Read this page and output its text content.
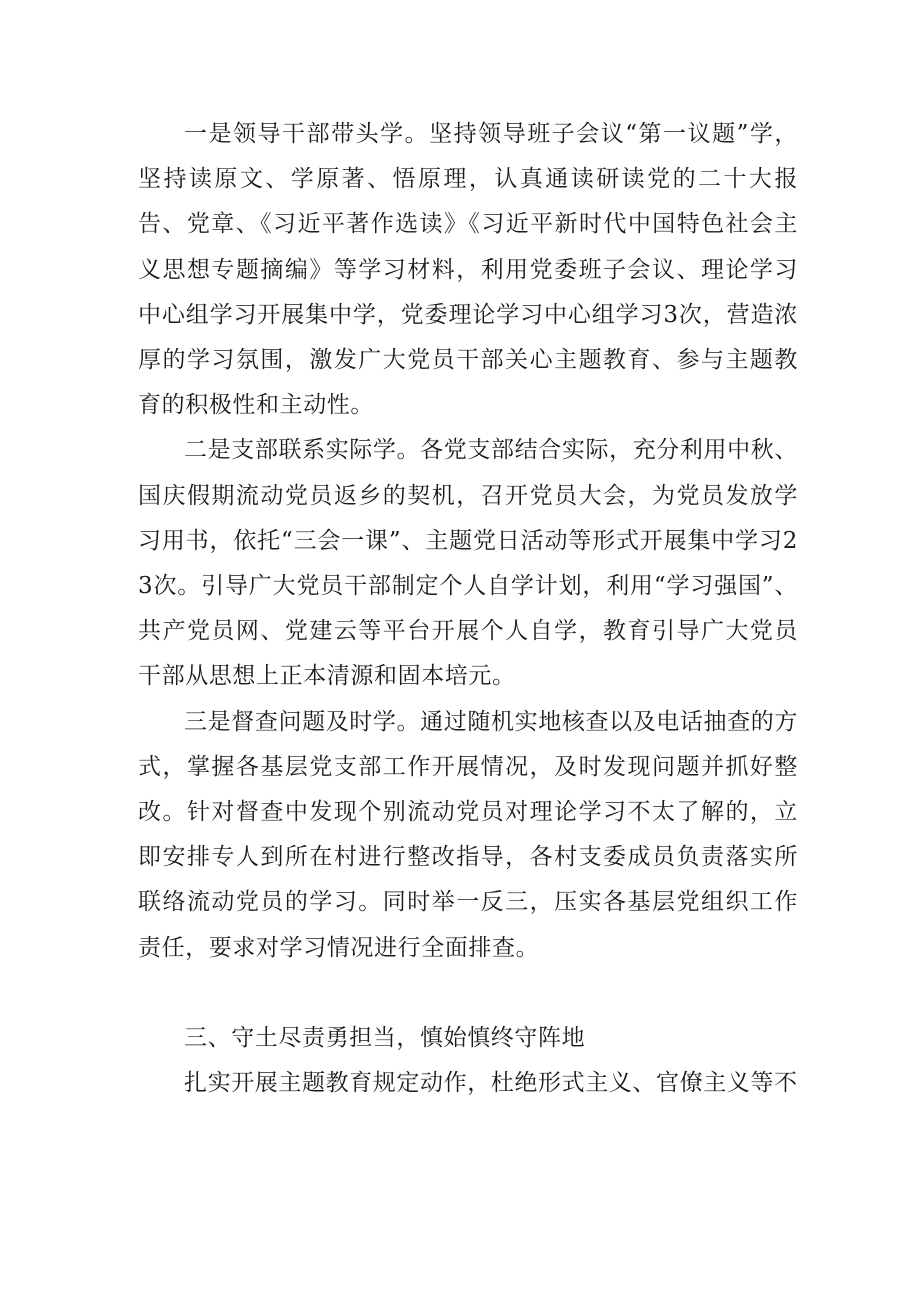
一是领导干部带头学。坚持领导班子会议“第一议题”学，坚持读原文、学原著、悟原理，认真通读研读党的二十大报告、党章、《习近平著作选读》《习近平新时代中国特色社会主义思想专题摘编》等学习材料，利用党委班子会议、理论学习中心组学习开展集中学，党委理论学习中心组学习3次，营造浓厚的学习氛围，激发广大党员干部关心主题教育、参与主题教育的积极性和主动性。

二是支部联系实际学。各党支部结合实际，充分利用中秋、国庆假期流动党员返乡的契机，召开党员大会，为党员发放学习用书，依托“三会一课”、主题党日活动等形式开展集中学习23次。引导广大党员干部制定个人自学计划，利用“学习强国”、共产党员网、党建云等平台开展个人自学，教育引导广大党员干部从思想上正本清源和固本培元。

三是督查问题及时学。通过随机实地核查以及电话抽查的方式，掌握各基层党支部工作开展情况，及时发现问题并抓好整改。针对督查中发现个别流动党员对理论学习不太了解的，立即安排专人到所在村进行整改指导，各村支委成员负责落实所联络流动党员的学习。同时举一反三，压实各基层党组织工作责任，要求对学习情况进行全面排查。

三、守土尽责勇担当，慎始慎终守阵地

扎实开展主题教育规定动作，杜绝形式主义、官僚主义等不
